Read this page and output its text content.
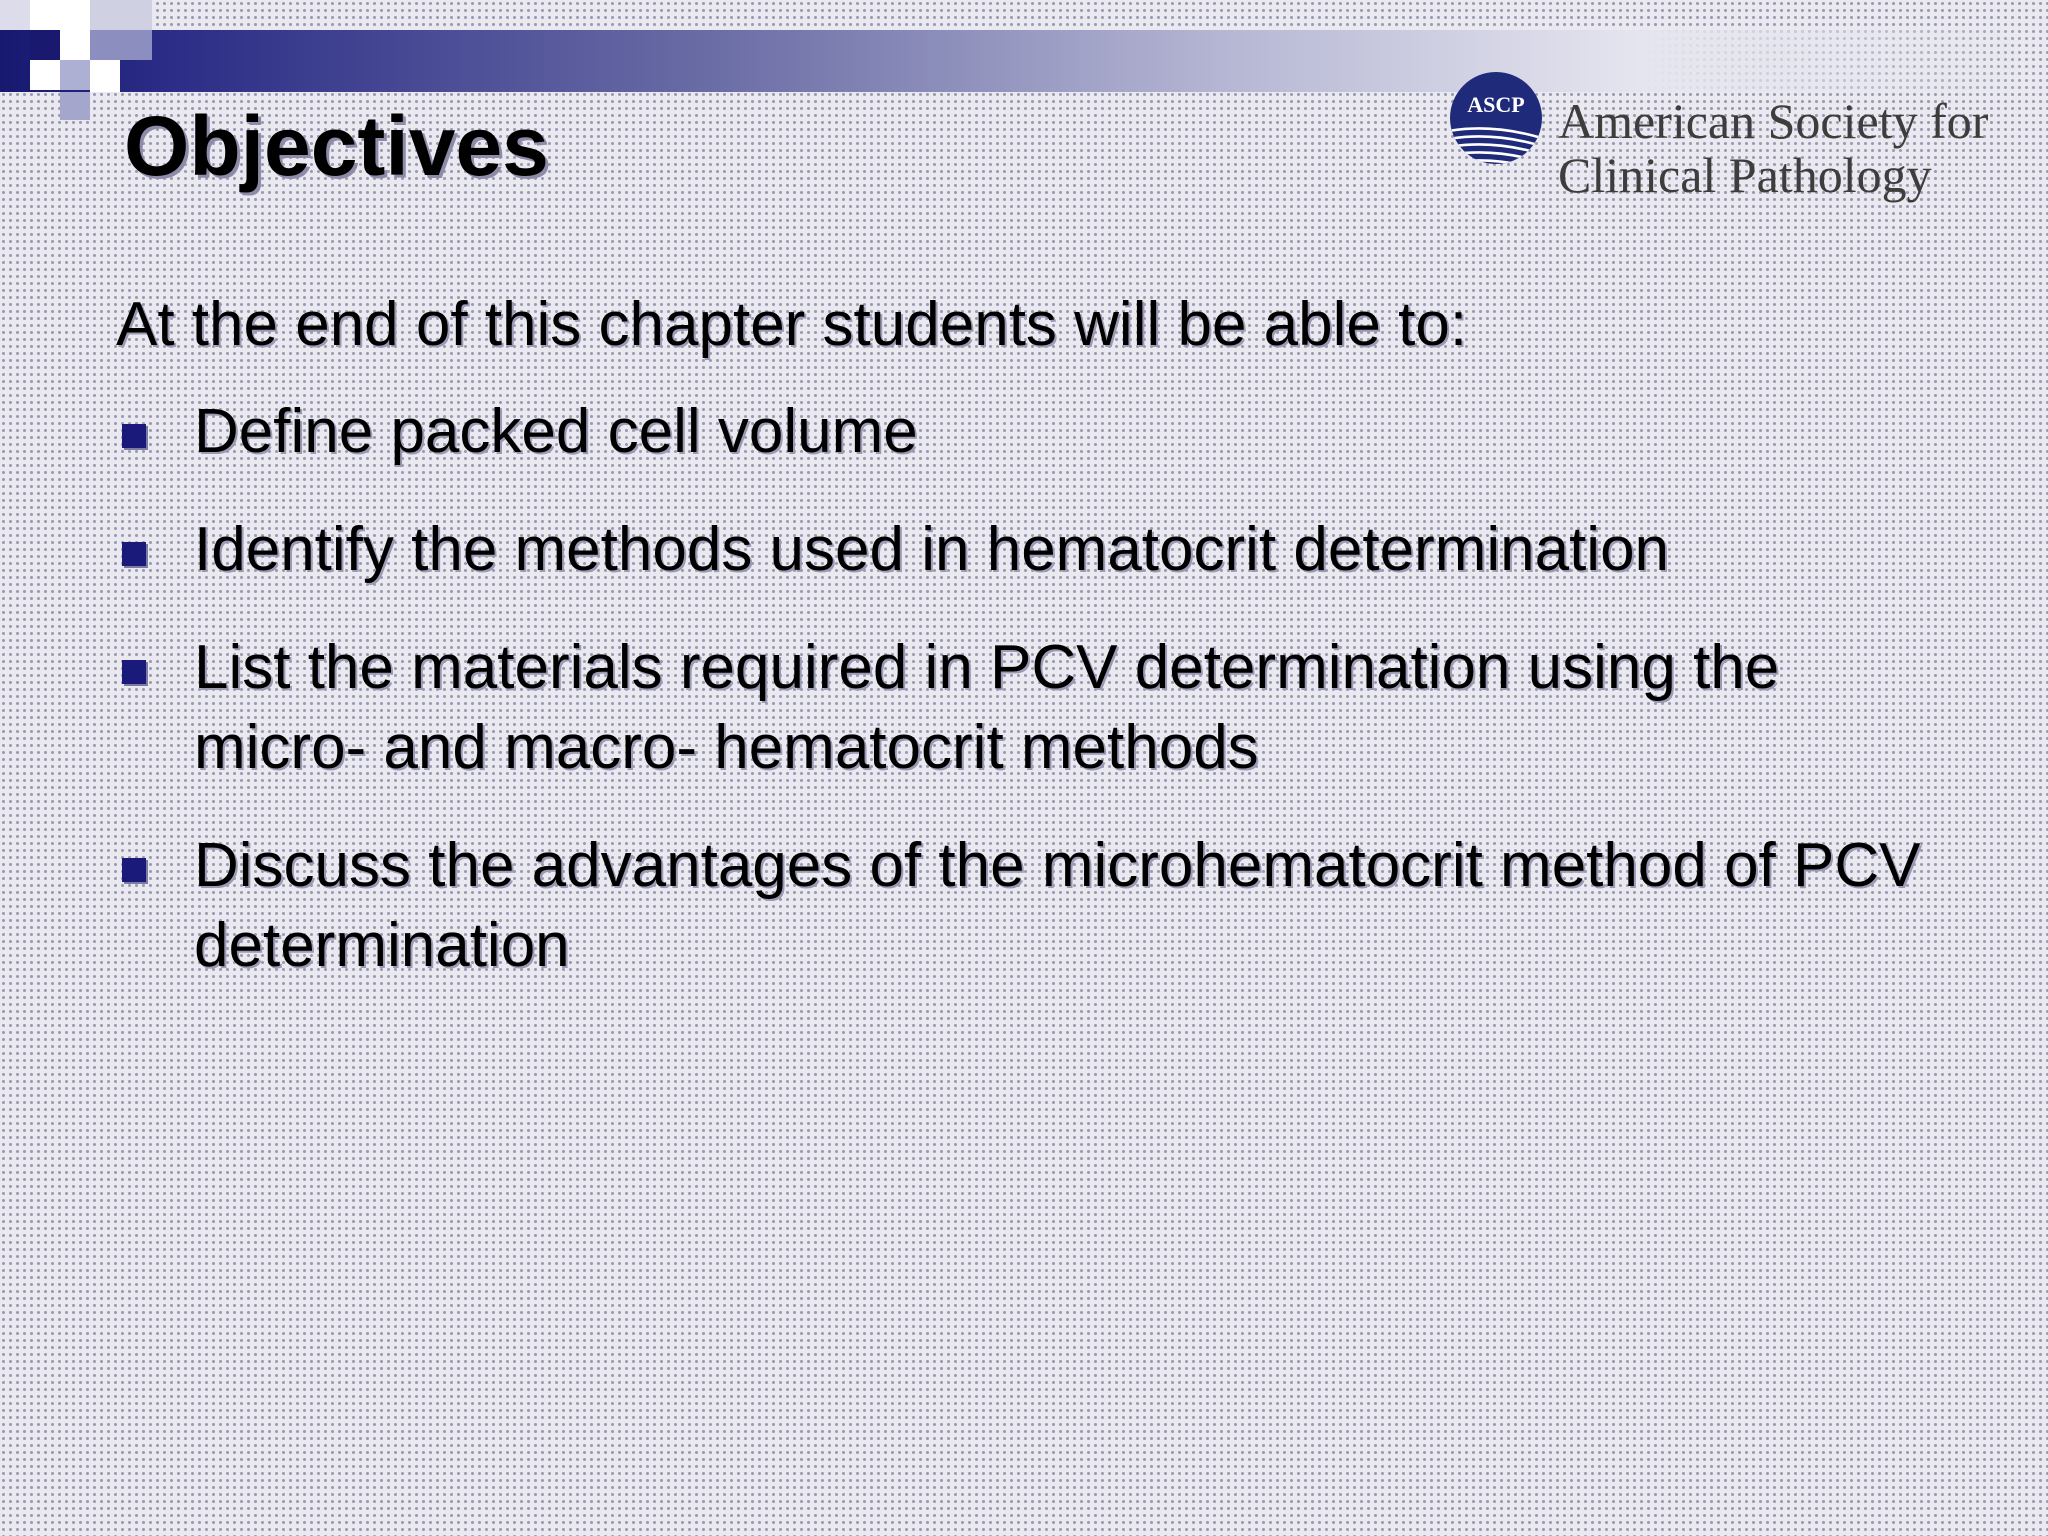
Objectives	ASCP American Society for
Clinical Pathology

At the end of this chapter students will be able to:

Define packed cell volume
Identify the methods used in hematocrit determination
List the materials required in PCV determination using the micro- and macro- hematocrit methods
Discuss the advantages of the microhematocrit method of PCV determination
